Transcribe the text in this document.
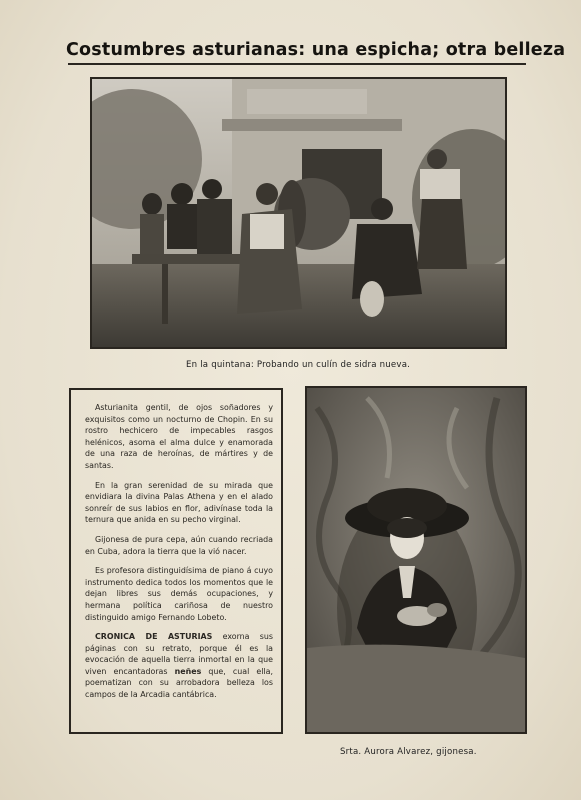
Costumbres asturianas: una espicha; otra belleza
En la quintana: Probando un culín de sidra nueva.

Asturianita gentil, de ojos soñadores y exquisitos como un nocturno de Chopin. En su rostro hechicero de impecables rasgos helénicos, asoma el alma dulce y enamorada de una raza de heroínas, de mártires y de santas.

En la gran serenidad de su mirada que envidiara la divina Palas Athena y en el alado sonreír de sus labios en flor, adivínase toda la ternura que anida en su pecho virginal.

Gijonesa de pura cepa, aún cuando recriada en Cuba, adora la tierra que la vió nacer.

Es profesora distinguidísima de piano á cuyo instrumento dedica todos los momentos que le dejan libres sus demás ocupaciones, y hermana política cariñosa de nuestro distinguido amigo Fernando Lobeto.

CRONICA DE ASTURIAS exorna sus páginas con su retrato, porque él es la evocación de aquella tierra inmortal en la que viven encantadoras neñes que, cual ella, poematizan con su arrobadora belleza los campos de la Arcadia cantábrica.

Srta. Aurora Alvarez, gijonesa.
